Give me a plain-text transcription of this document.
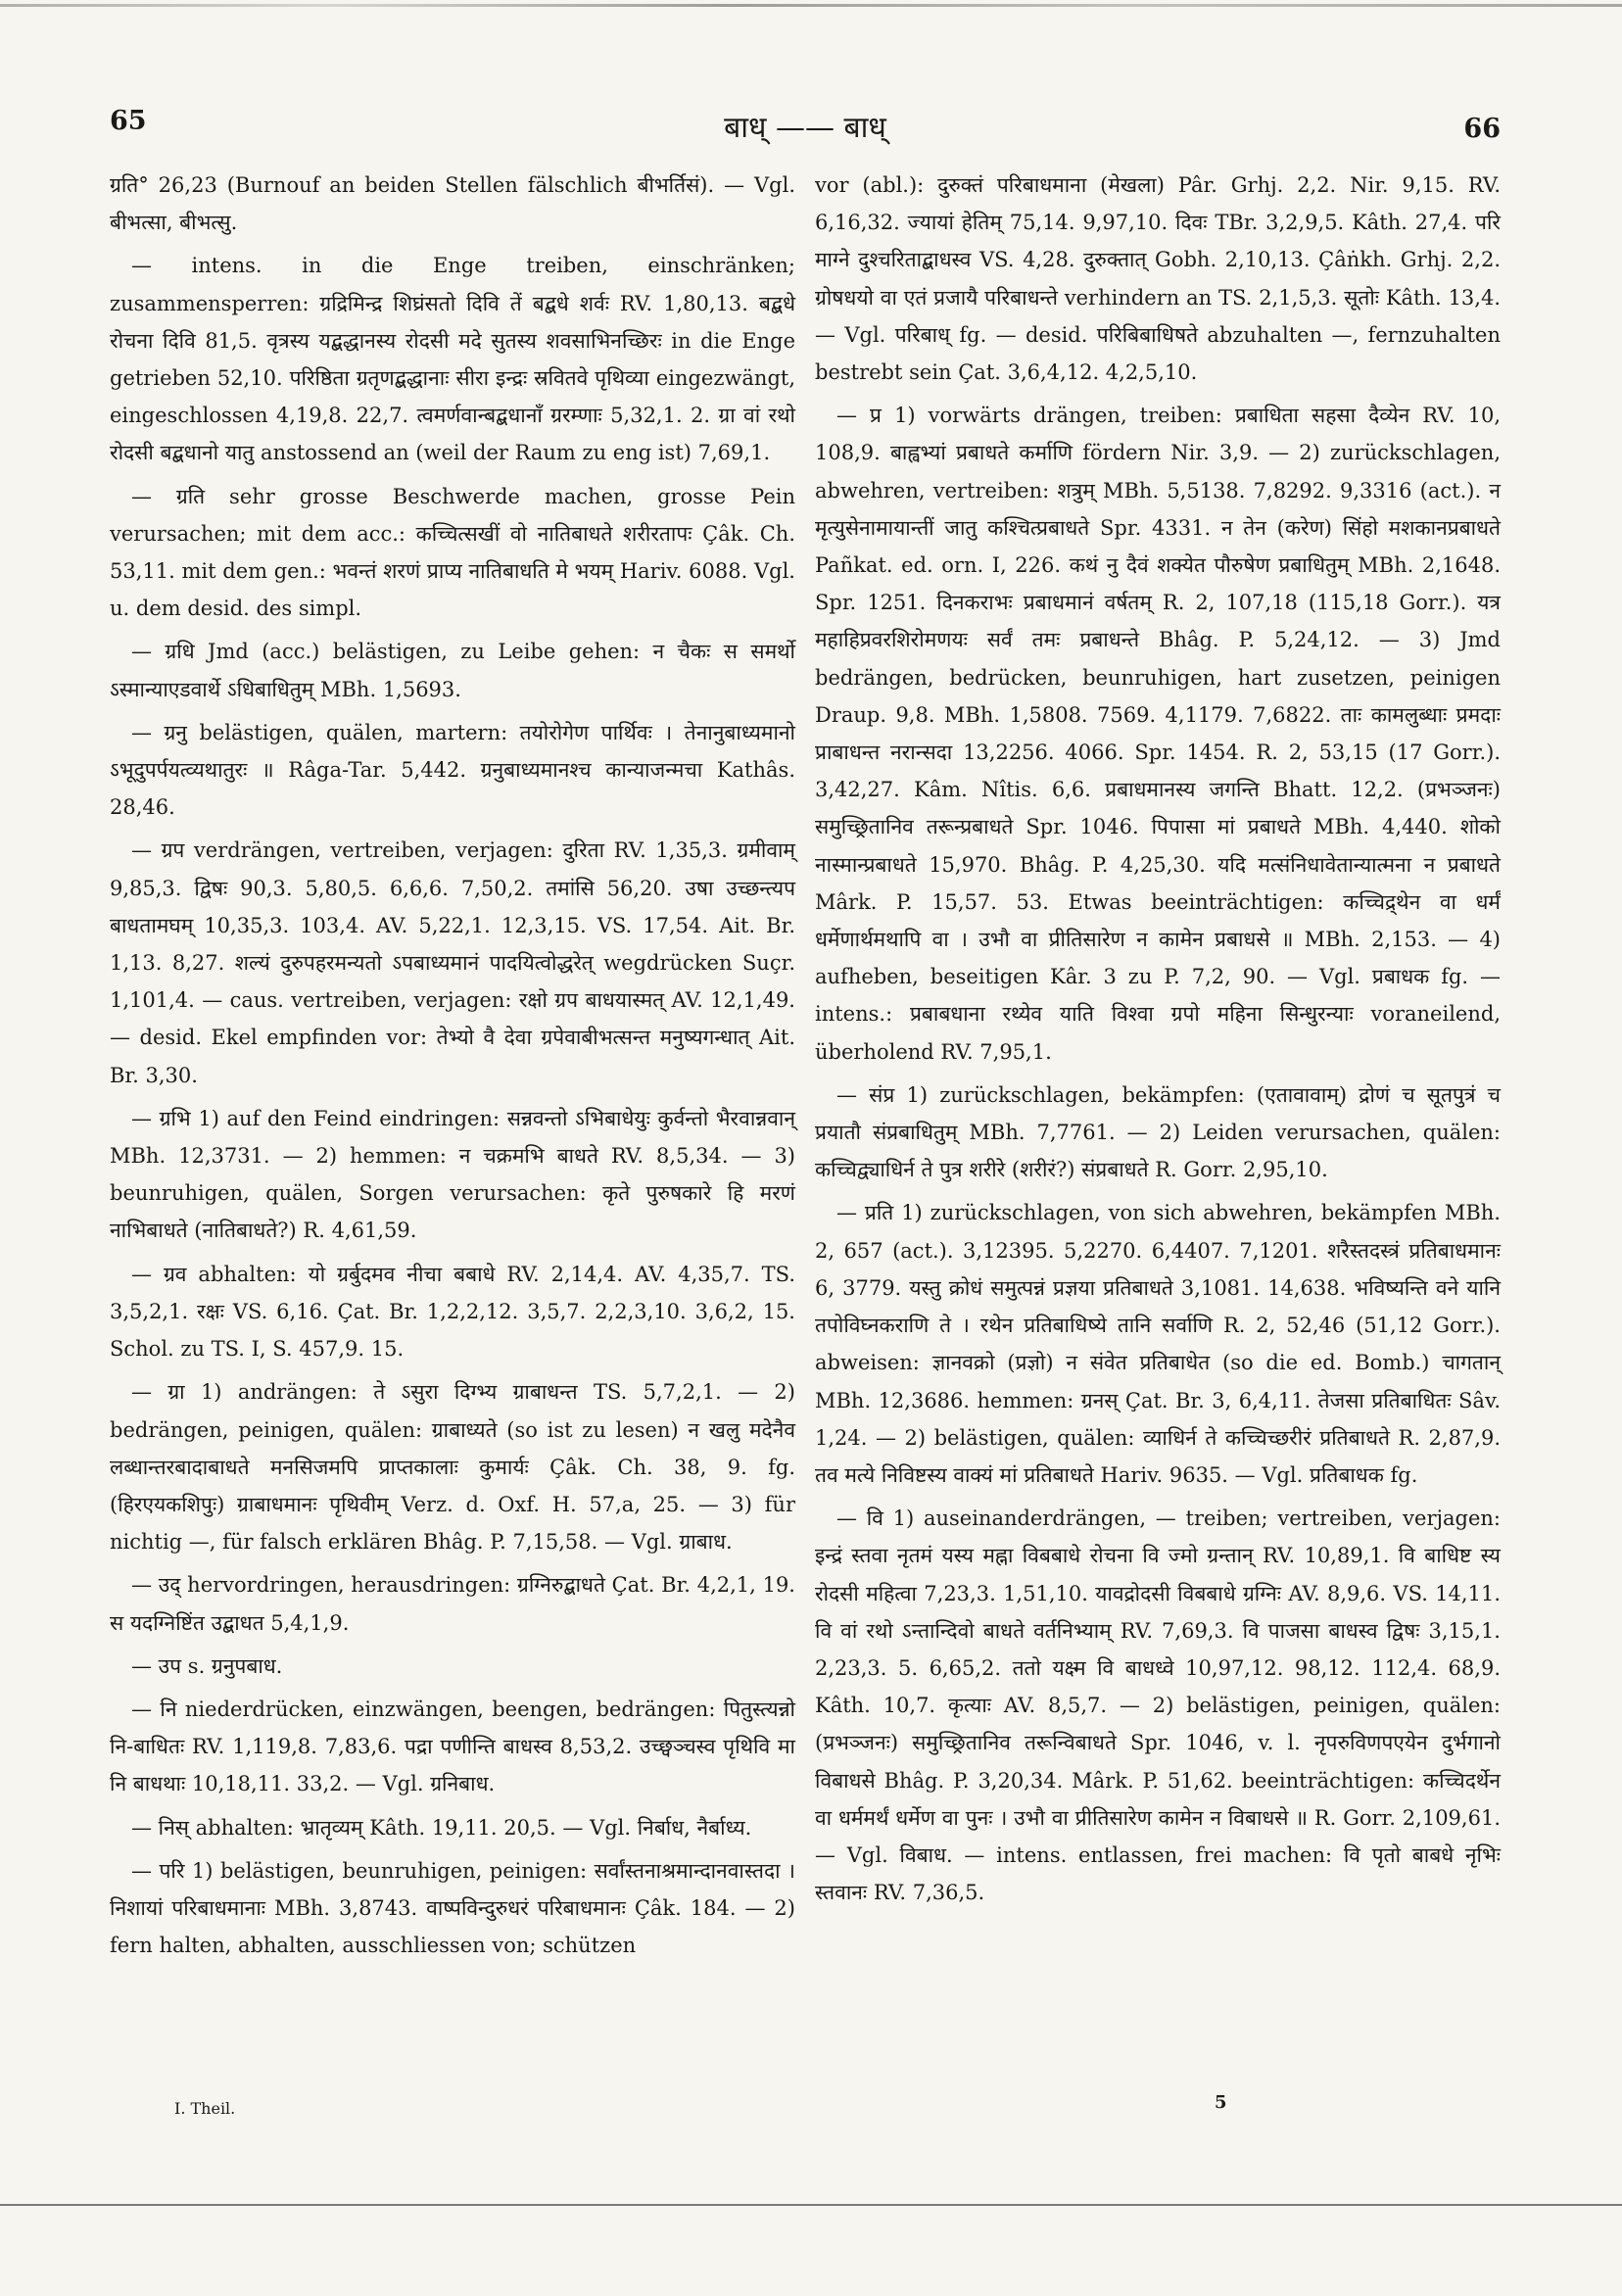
65	बाध् —— बाध्	66

ग्रति° 26,23 (Burnouf an beiden Stellen fälschlich बीभर्तिसं). — Vgl. बीभत्सा, बीभत्सु.

— intens. in die Enge treiben, einschränken; zusammensperren: ग्रद्रिमिन्द्र शिघ्रंसतो दिवि तें बद्बधे शर्वः RV. 1,80,13. बद्बधे रोचना दिवि 81,5. वृत्रस्य यद्बद्धानस्य रोदसी मदे सुतस्य शवसाभिनच्छिरः in die Enge getrieben 52,10. परिष्ठिता ग्रतृणद्बद्धानाः सीरा इन्द्रः स्रवितवे पृथिव्या eingezwängt, eingeschlossen 4,19,8. 22,7. त्वमर्णवान्बद्बधानाँ ग्ररम्णाः 5,32,1. 2. ग्रा वां रथो रोदसी बद्बधानो यातु anstossend an (weil der Raum zu eng ist) 7,69,1.

— ग्रति sehr grosse Beschwerde machen, grosse Pein verursachen; mit dem acc.: कच्चित्सखीं वो नातिबाधते शरीरतापः Çâk. Ch. 53,11. mit dem gen.: भवन्तं शरणं प्राप्य नातिबाधति मे भयम् Hariv. 6088. Vgl. u. dem desid. des simpl.

— ग्रधि Jmd (acc.) belästigen, zu Leibe gehen: न चैकः स समर्थो ऽस्मान्याएडवार्थे ऽधिबाधितुम् MBh. 1,5693.

— ग्रनु belästigen, quälen, martern: तयोरोगेण पार्थिवः । तेनानुबाध्यमानो ऽभूदुपर्पयत्व्यथातुरः ॥ Râga-Tar. 5,442. ग्रनुबाध्यमानश्च कान्याजन्मचा Kathâs. 28,46.

— ग्रप verdrängen, vertreiben, verjagen: दुरिता RV. 1,35,3. ग्रमीवाम् 9,85,3. द्विषः 90,3. 5,80,5. 6,6,6. 7,50,2. तमांसि 56,20. उषा उच्छन्त्यप बाधतामघम् 10,35,3. 103,4. AV. 5,22,1. 12,3,15. VS. 17,54. Ait. Br. 1,13. 8,27. शल्यं दुरुपहरमन्यतो ऽपबाध्यमानं पादयित्वोद्धरेत् wegdrücken Suçr. 1,101,4. — caus. vertreiben, verjagen: रक्षो ग्रप बाधयास्मत् AV. 12,1,49. — desid. Ekel empfinden vor: तेभ्यो वै देवा ग्रपेवाबीभत्सन्त मनुष्यगन्धात् Ait. Br. 3,30.

— ग्रभि 1) auf den Feind eindringen: सन्नवन्तो ऽभिबाधेयुः कुर्वन्तो भैरवान्नवान् MBh. 12,3731. — 2) hemmen: न चक्रमभि बाधते RV. 8,5,34. — 3) beunruhigen, quälen, Sorgen verursachen: कृते पुरुषकारे हि मरणं नाभिबाधते (नातिबाधते?) R. 4,61,59.

— ग्रव abhalten: यो ग्रर्बुदमव नीचा बबाधे RV. 2,14,4. AV. 4,35,7. TS. 3,5,2,1. रक्षः VS. 6,16. Çat. Br. 1,2,2,12. 3,5,7. 2,2,3,10. 3,6,2, 15. Schol. zu TS. I, S. 457,9. 15.

— ग्रा 1) andrängen: ते ऽसुरा दिग्भ्य ग्राबाधन्त TS. 5,7,2,1. — 2) bedrängen, peinigen, quälen: ग्राबाध्यते (so ist zu lesen) न खलु मदेनैव लब्धान्तरबादाबाधते मनसिजमपि प्राप्तकालाः कुमार्यः Çâk. Ch. 38, 9. fg. (हिरएयकशिपुः) ग्राबाधमानः पृथिवीम् Verz. d. Oxf. H. 57,a, 25. — 3) für nichtig —, für falsch erklären Bhâg. P. 7,15,58. — Vgl. ग्राबाध.

— उद् hervordringen, herausdringen: ग्रग्निरुद्बाधते Çat. Br. 4,2,1, 19. स यदग्निष्टिंत उद्बाधत 5,4,1,9.

— उप s. ग्रनुपबाध.

— नि niederdrücken, einzwängen, beengen, bedrängen: पितुस्त्यन्नो नि-बाधितः RV. 1,119,8. 7,83,6. पद्रा पणीन्ति बाधस्व 8,53,2. उच्छ्वञ्चस्व पृथिवि मा नि बाधथाः 10,18,11. 33,2. — Vgl. ग्रनिबाध.

— निस् abhalten: भ्रातृव्यम् Kâth. 19,11. 20,5. — Vgl. निर्बाध, नैर्बाध्य.

— परि 1) belästigen, beunruhigen, peinigen: सर्वांस्तनाश्रमान्दानवास्तदा । निशायां परिबाधमानाः MBh. 3,8743. वाष्पविन्दुरुधरं परिबाधमानः Çâk. 184. — 2) fern halten, abhalten, ausschliessen von; schützen

vor (abl.): दुरुक्तं परिबाधमाना (मेखला) Pâr. Grhj. 2,2. Nir. 9,15. RV. 6,16,32. ज्यायां हेतिम् 75,14. 9,97,10. दिवः TBr. 3,2,9,5. Kâth. 27,4. परि माग्ने दुश्चरिताद्बाधस्व VS. 4,28. दुरुक्तात् Gobh. 2,10,13. Çâṅkh. Grhj. 2,2. ग्रोषधयो वा एतं प्रजायै परिबाधन्ते verhindern an TS. 2,1,5,3. सूतोः Kâth. 13,4. — Vgl. परिबाध् fg. — desid. परिबिबाधिषते abzuhalten —, fernzuhalten bestrebt sein Çat. 3,6,4,12. 4,2,5,10.

— प्र 1) vorwärts drängen, treiben: प्रबाधिता सहसा दैव्येन RV. 10, 108,9. बाह्वभ्यां प्रबाधते कर्माणि fördern Nir. 3,9. — 2) zurückschlagen, abwehren, vertreiben: शत्रुम् MBh. 5,5138. 7,8292. 9,3316 (act.). न मृत्युसेनामायान्तीं जातु कश्चित्प्रबाधते Spr. 4331. न तेन (करेण) सिंहो मशकानप्रबाधते Pañkat. ed. orn. I, 226. कथं नु दैवं शक्येत पौरुषेण प्रबाधितुम् MBh. 2,1648. Spr. 1251. दिनकराभः प्रबाधमानं वर्षतम् R. 2, 107,18 (115,18 Gorr.). यत्र महाहिप्रवरशिरोमणयः सर्वं तमः प्रबाधन्ते Bhâg. P. 5,24,12. — 3) Jmd bedrängen, bedrücken, beunruhigen, hart zusetzen, peinigen Draup. 9,8. MBh. 1,5808. 7569. 4,1179. 7,6822. ताः कामलुब्धाः प्रमदाः प्राबाधन्त नरान्सदा 13,2256. 4066. Spr. 1454. R. 2, 53,15 (17 Gorr.). 3,42,27. Kâm. Nîtis. 6,6. प्रबाधमानस्य जगन्ति Bhatt. 12,2. (प्रभञ्जनः) समुच्छ्रितानिव तरून्प्रबाधते Spr. 1046. पिपासा मां प्रबाधते MBh. 4,440. शोको नास्मान्प्रबाधते 15,970. Bhâg. P. 4,25,30. यदि मत्संनिधावेतान्यात्मना न प्रबाधते Mârk. P. 15,57. 53. Etwas beeinträchtigen: कच्चिद्र्थेन वा धर्मं धर्मेणार्थमथापि वा । उभौ वा प्रीतिसारेण न कामेन प्रबाधसे ॥ MBh. 2,153. — 4) aufheben, beseitigen Kâr. 3 zu P. 7,2, 90. — Vgl. प्रबाधक fg. — intens.: प्रबाबधाना रथ्येव याति विश्वा ग्रपो महिना सिन्धुरन्याः voraneilend, überholend RV. 7,95,1.

— संप्र 1) zurückschlagen, bekämpfen: (एतावावाम्) द्रोणं च सूतपुत्रं च प्रयातौ संप्रबाधितुम् MBh. 7,7761. — 2) Leiden verursachen, quälen: कच्चिद्व्याधिर्न ते पुत्र शरीरे (शरीरं?) संप्रबाधते R. Gorr. 2,95,10.

— प्रति 1) zurückschlagen, von sich abwehren, bekämpfen MBh. 2, 657 (act.). 3,12395. 5,2270. 6,4407. 7,1201. शरैस्तदस्त्रं प्रतिबाधमानः 6, 3779. यस्तु क्रोधं समुत्पन्नं प्रज्ञया प्रतिबाधते 3,1081. 14,638. भविष्यन्ति वने यानि तपोविघ्नकराणि ते । रथेन प्रतिबाधिष्ये तानि सर्वाणि R. 2, 52,46 (51,12 Gorr.). abweisen: ज्ञानवक्रो (प्रज्ञो) न संवेत प्रतिबाधेत (so die ed. Bomb.) चागतान् MBh. 12,3686. hemmen: ग्रनस् Çat. Br. 3, 6,4,11. तेजसा प्रतिबाधितः Sâv. 1,24. — 2) belästigen, quälen: व्याधिर्न ते कच्चिच्छरीरं प्रतिबाधते R. 2,87,9. तव मत्ये निविष्टस्य वाक्यं मां प्रतिबाधते Hariv. 9635. — Vgl. प्रतिबाधक fg.

— वि 1) auseinanderdrängen, — treiben; vertreiben, verjagen: इन्द्रं स्तवा नृतमं यस्य मह्ना विबबाधे रोचना वि ज्मो ग्रन्तान् RV. 10,89,1. वि बाधिष्ट स्य रोदसी महित्वा 7,23,3. 1,51,10. यावद्रोदसी विबबाधे ग्रग्निः AV. 8,9,6. VS. 14,11. वि वां रथो ऽन्तान्दिवो बाधते वर्तनिभ्याम् RV. 7,69,3. वि पाजसा बाधस्व द्विषः 3,15,1. 2,23,3. 5. 6,65,2. ततो यक्ष्म वि बाधध्वे 10,97,12. 98,12. 112,4. 68,9. Kâth. 10,7. कृत्याः AV. 8,5,7. — 2) belästigen, peinigen, quälen: (प्रभञ्जनः) समुच्छ्रितानिव तरून्विबाधते Spr. 1046, v. l. नृपरुविणपएयेन दुर्भगानो विबाधसे Bhâg. P. 3,20,34. Mârk. P. 51,62. beeinträchtigen: कच्चिदर्थेन वा धर्ममर्थं धर्मेण वा पुनः । उभौ वा प्रीतिसारेण कामेन न विबाधसे ॥ R. Gorr. 2,109,61. — Vgl. विबाध. — intens. entlassen, frei machen: वि पृतो बाबधे नृभिः स्तवानः RV. 7,36,5.

I. Theil.	5
